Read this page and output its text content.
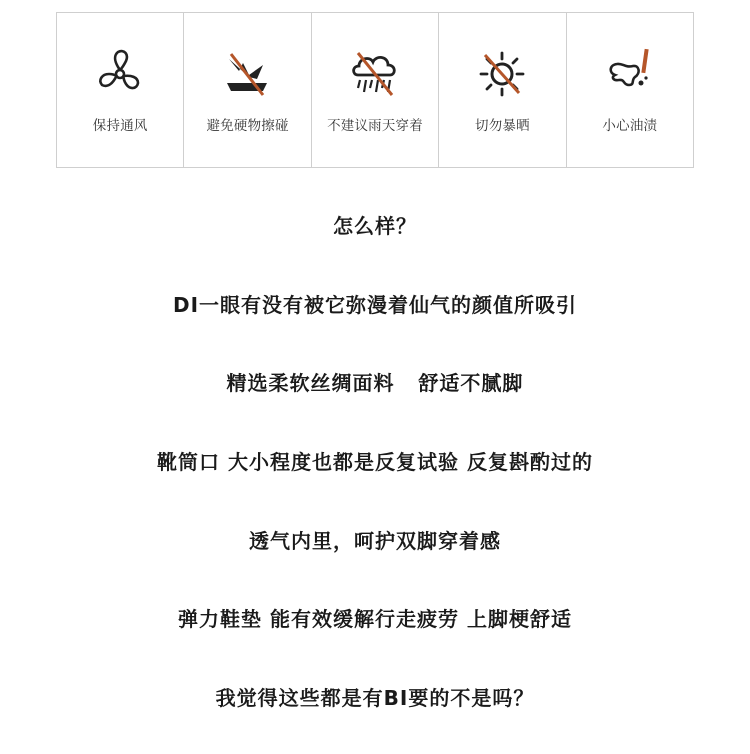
保持通风	避免硬物擦碰	不建议雨天穿着	切勿暴晒	小心油渍
怎么样？
DI一眼有没有被它弥漫着仙气的颜值所吸引
精选柔软丝绸面料   舒适不腻脚
靴筒口 大小程度也都是反复试验 反复斟酌过的
透气内里，呵护双脚穿着感
弹力鞋垫 能有效缓解行走疲劳 上脚梗舒适
我觉得这些都是有BI要的不是吗？
